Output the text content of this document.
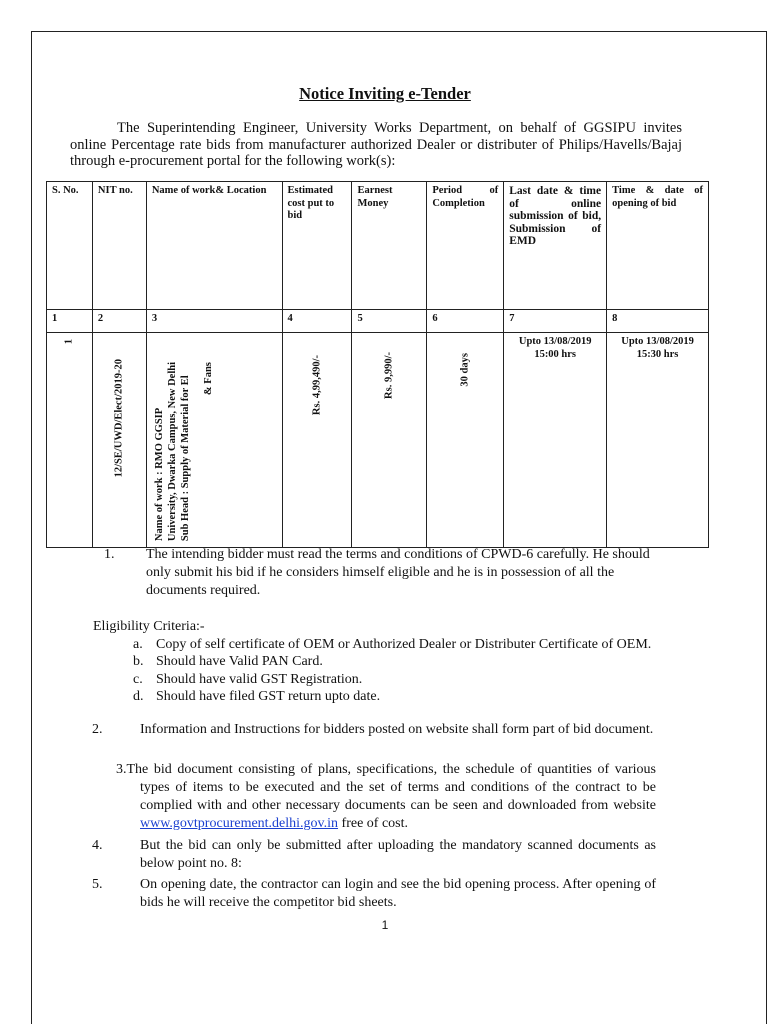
Notice Inviting e-Tender
The Superintending Engineer, University Works Department, on behalf of GGSIPU invites online Percentage rate bids from manufacturer authorized Dealer or distributer of Philips/Havells/Bajaj through e-procurement portal for the following work(s):
S. No.	NIT no.	Name of work& Location	Estimated cost put to bid	Earnest Money	Period of Completion	Last date & time of online submission of bid, Submission of EMD	Time & date of opening of bid
1	2	3	4	5	6	7	8

1	12/SE/UWD/Elect/2019-20	Name of work : RMO GGSIP University, Dwarka Campus, New Delhi Sub Head : Supply of Material for El & Fans	Rs. 4,99,490/-	Rs. 9,990/-	30 days	Upto 13/08/2019 15:00 hrs	Upto 13/08/2019 15:30 hrs
1. The intending bidder must read the terms and conditions of CPWD-6 carefully. He should only submit his bid if he considers himself eligible and he is in possession of all the documents required.
Eligibility Criteria:-
a. Copy of self certificate of OEM or Authorized Dealer or Distributer Certificate of OEM.
b. Should have Valid PAN Card.
c. Should have valid GST Registration.
d. Should have filed GST return upto date.
2.	Information and Instructions for bidders posted on website shall form part of bid document.
3.The bid document consisting of plans, specifications, the schedule of quantities of various types of items to be executed and the set of terms and conditions of the contract to be complied with and other necessary documents can be seen and downloaded from website www.govtprocurement.delhi.gov.in free of cost.
4.	But the bid can only be submitted after uploading the mandatory scanned documents as below point no. 8:
5.	On opening date, the contractor can login and see the bid opening process. After opening of bids he will receive the competitor bid sheets.
1
